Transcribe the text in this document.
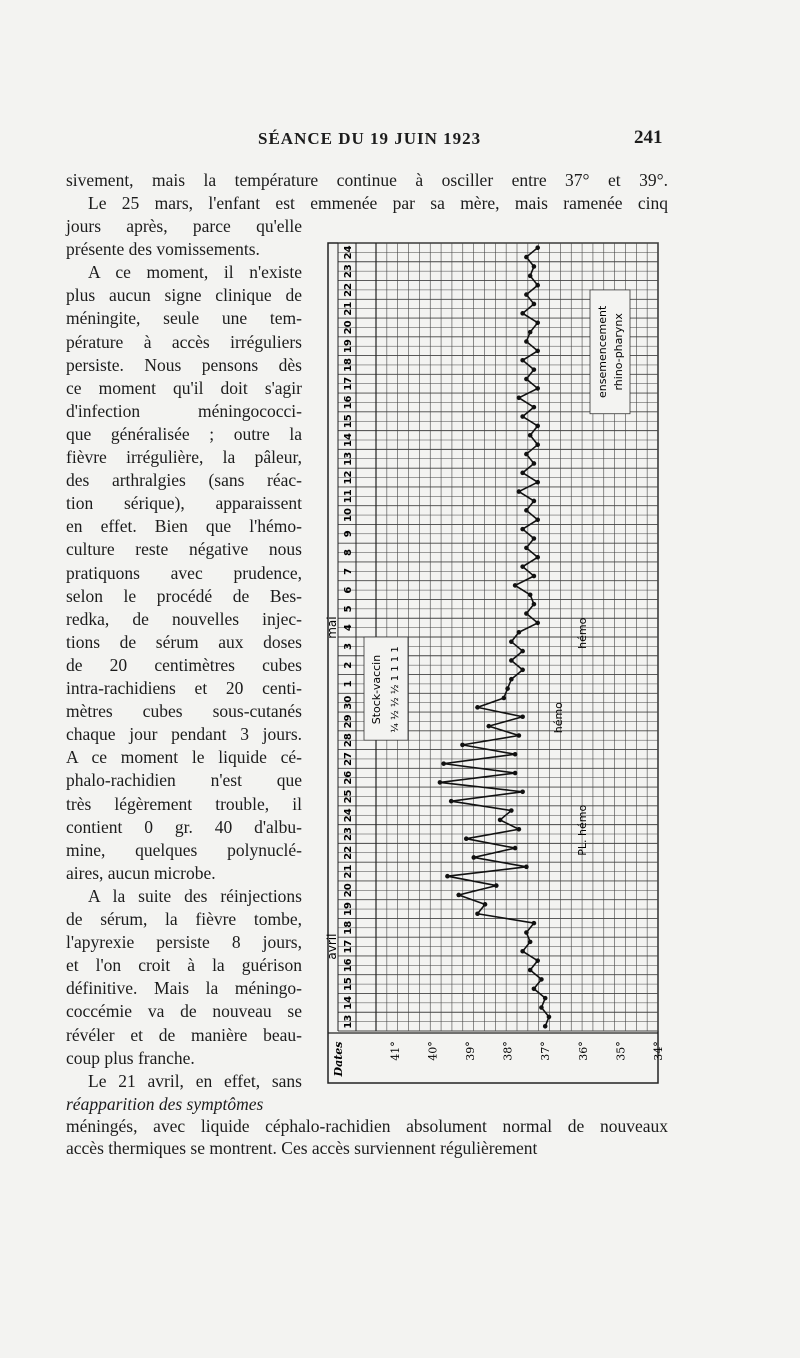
SÉANCE DU 19 JUIN 1923	241
sivement, mais la température continue à osciller entre 37° et 39°.
Le 25 mars, l'enfant est emmenée par sa mère, mais ramenée cinq
jours après, parce qu'elle
présente des vomissements.
A ce moment, il n'existe
plus aucun signe clinique de
méningite, seule une tem-
pérature à accès irréguliers
persiste. Nous pensons dès
ce moment qu'il doit s'agir
d'infection méningococci-
que généralisée ; outre la
fièvre irrégulière, la pâleur,
des arthralgies (sans réac-
tion sérique), apparaissent
en effet. Bien que l'hémo-
culture reste négative nous
pratiquons avec prudence,
selon le procédé de Bes-
redka, de nouvelles injec-
tions de sérum aux doses
de 20 centimètres cubes
intra-rachidiens et 20 centi-
mètres cubes sous-cutanés
chaque jour pendant 3 jours.
A ce moment le liquide cé-
phalo-rachidien n'est que
très légèrement trouble, il
contient 0 gr. 40 d'albu-
mine, quelques polynuclé-
aires, aucun microbe.
A la suite des réinjections
de sérum, la fièvre tombe,
l'apyrexie persiste 8 jours,
et l'on croit à la guérison
définitive. Mais la méningo-
coccémie va de nouveau se
révéler et de manière beau-
coup plus franche.
Le 21 avril, en effet, sans
réapparition des symptômes
13
14
15
16
17
18
19
20
21
22
23
24
25
26
27
28
29
30
1
2
3
4
5
6
7
8
9
10
11
12
13
14
15
16
17
18
19
20
21
22
23
24
avril
mai
41° 40° 39° 38° 37° 36° 35° 34°
Dates
Stock-vaccin ¼ ½ ½ ½ 1 1 1 1
PL. hémo
hémo
hémo
ensemencement rhino-pharynx
méningés, avec liquide céphalo-rachidien absolument normal de nouveaux
accès thermiques se montrent. Ces accès surviennent régulièrement
